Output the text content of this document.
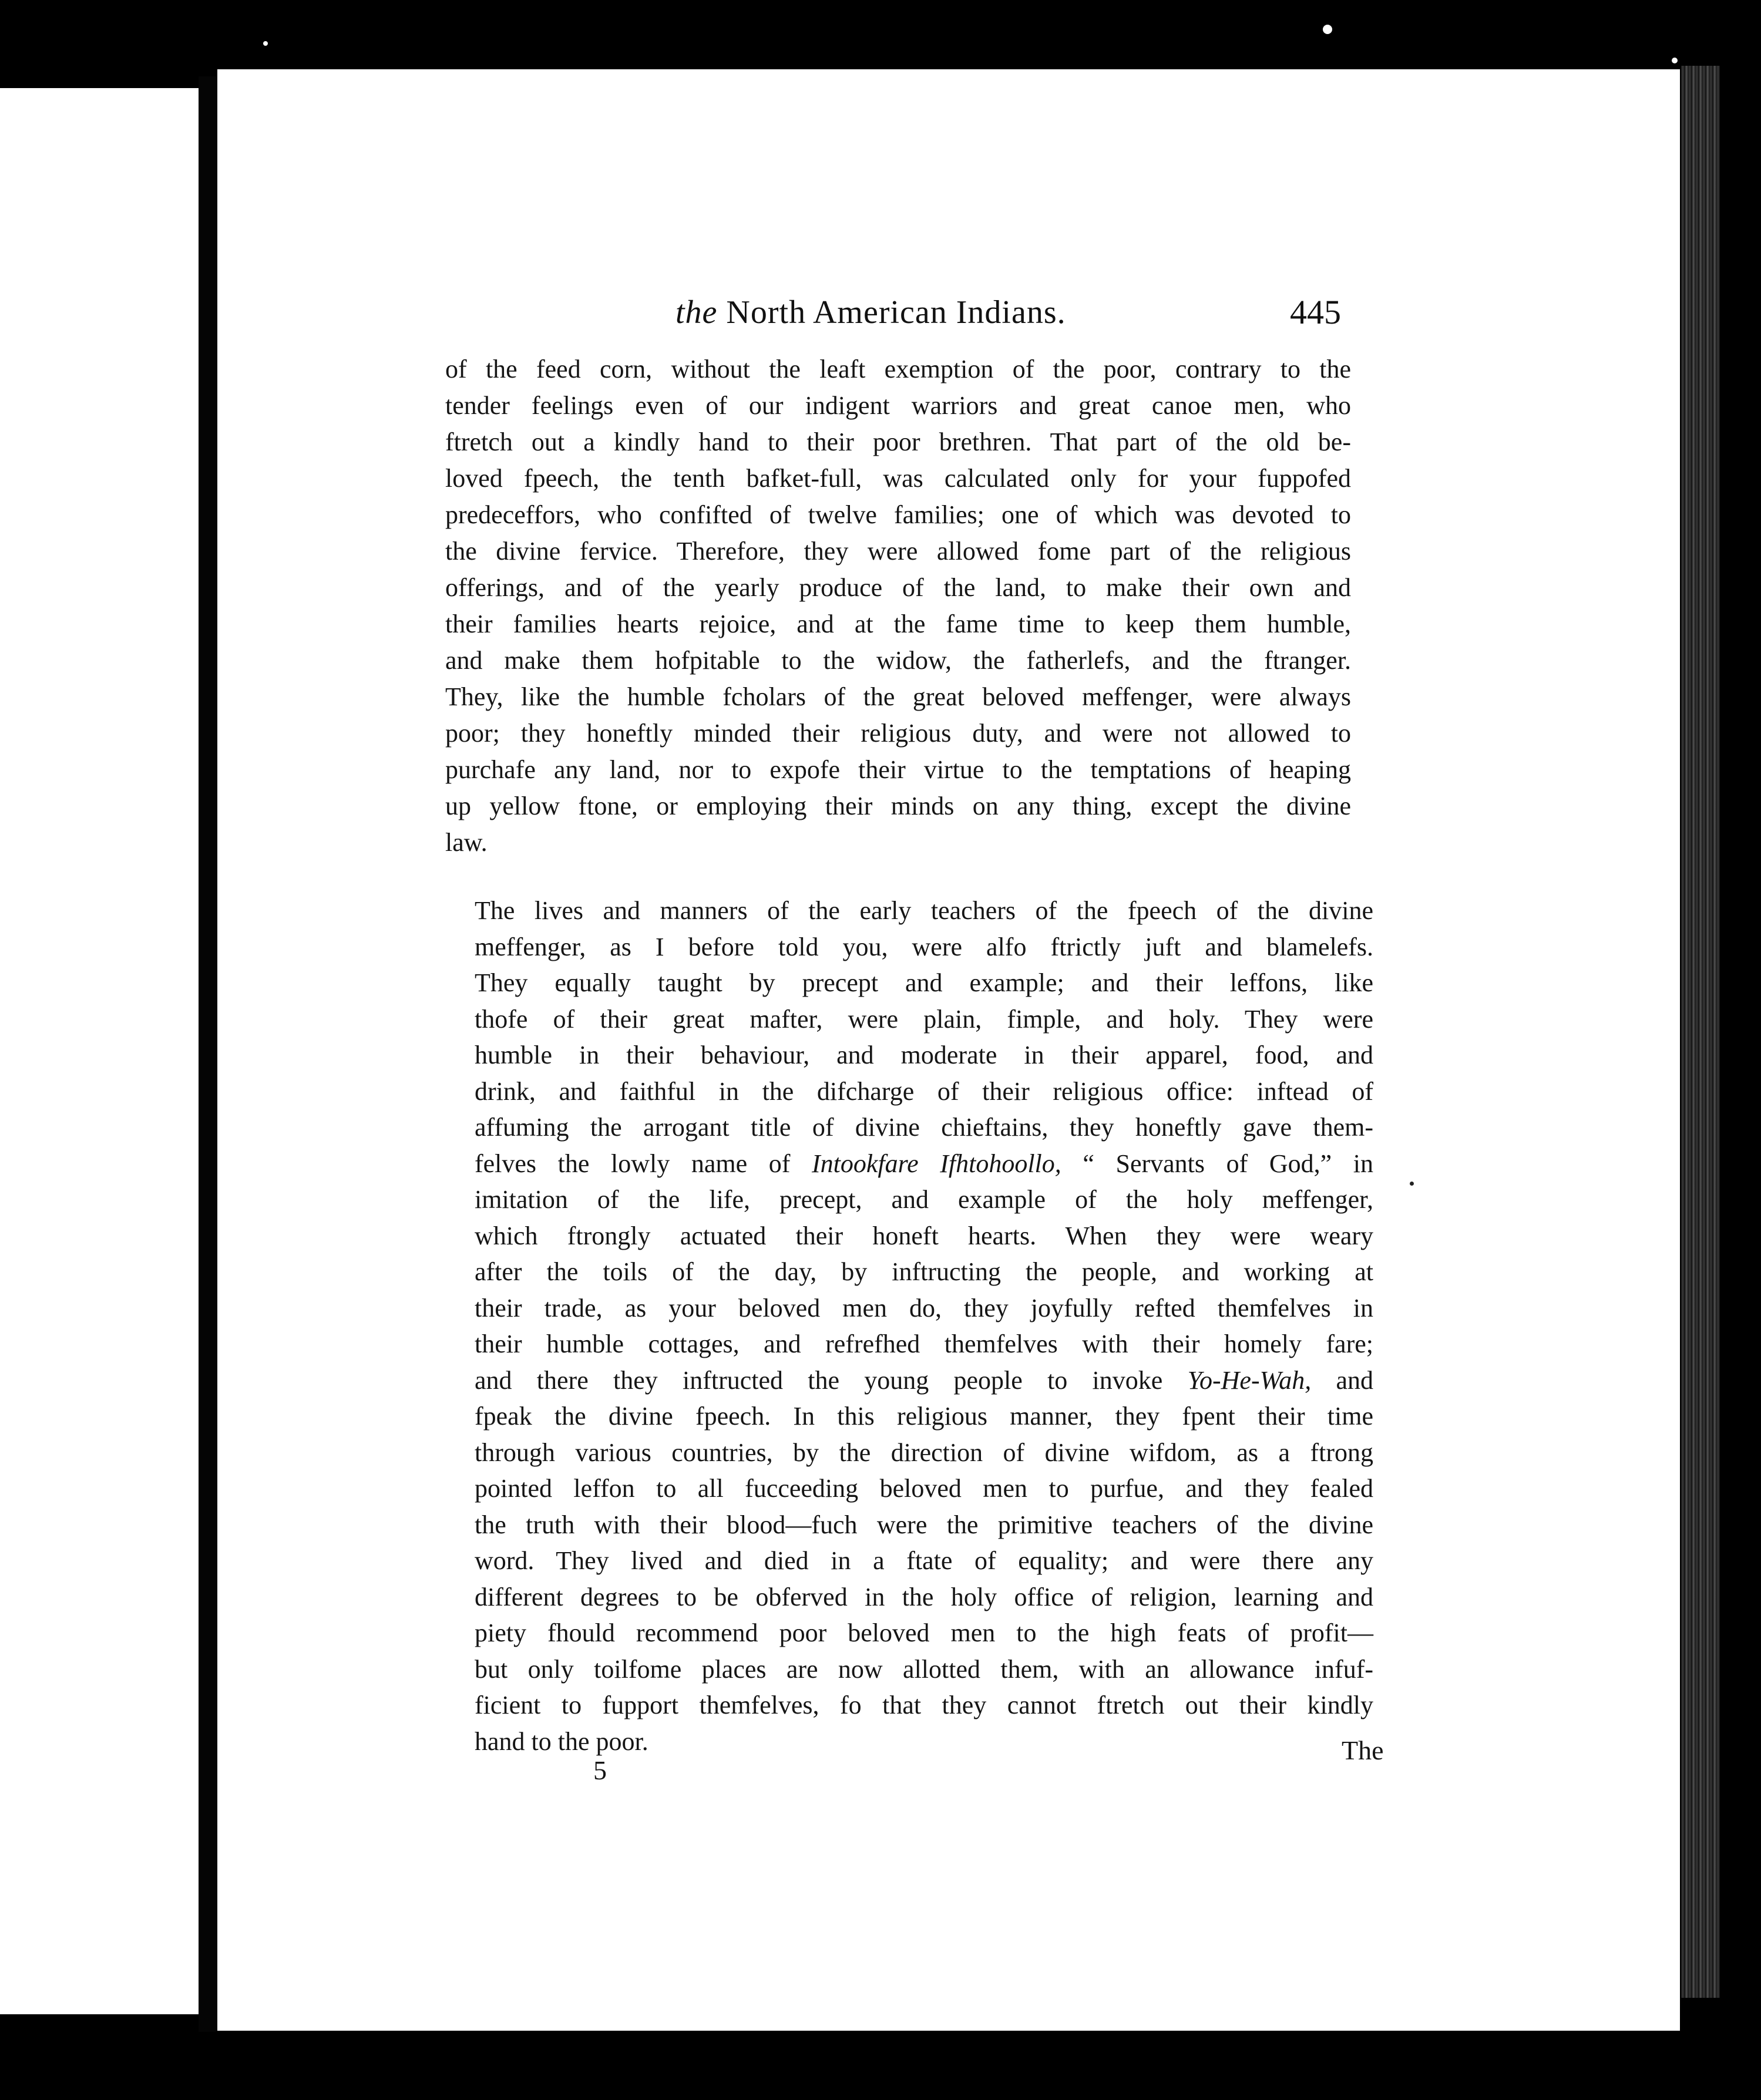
the North American Indians.	445
of the feed corn, without the leaft exemption of the poor, contrary to the
tender feelings even of our indigent warriors and great canoe men, who
ftretch out a kindly hand to their poor brethren. That part of the old be-
loved fpeech, the tenth bafket-full, was calculated only for your fuppofed
predeceffors, who confifted of twelve families; one of which was devoted to
the divine fervice. Therefore, they were allowed fome part of the religious
offerings, and of the yearly produce of the land, to make their own and
their families hearts rejoice, and at the fame time to keep them humble,
and make them hofpitable to the widow, the fatherlefs, and the ftranger.
They, like the humble fcholars of the great beloved meffenger, were always
poor; they honeftly minded their religious duty, and were not allowed to
purchafe any land, nor to expofe their virtue to the temptations of heaping
up yellow ftone, or employing their minds on any thing, except the divine
law.
The lives and manners of the early teachers of the fpeech of the divine
meffenger, as I before told you, were alfo ftrictly juft and blamelefs.
They equally taught by precept and example; and their leffons, like
thofe of their great mafter, were plain, fimple, and holy. They were
humble in their behaviour, and moderate in their apparel, food, and
drink, and faithful in the difcharge of their religious office: inftead of
affuming the arrogant title of divine chieftains, they honeftly gave them-
felves the lowly name of Intookfare Ifhtohoollo, “ Servants of God,” in
imitation of the life, precept, and example of the holy meffenger,
which ftrongly actuated their honeft hearts. When they were weary
after the toils of the day, by inftructing the people, and working at
their trade, as your beloved men do, they joyfully refted themfelves in
their humble cottages, and refrefhed themfelves with their homely fare;
and there they inftructed the young people to invoke Yo-He-Wah, and
fpeak the divine fpeech. In this religious manner, they fpent their time
through various countries, by the direction of divine wifdom, as a ftrong
pointed leffon to all fucceeding beloved men to purfue, and they fealed
the truth with their blood—fuch were the primitive teachers of the divine
word. They lived and died in a ftate of equality; and were there any
different degrees to be obferved in the holy office of religion, learning and
piety fhould recommend poor beloved men to the high feats of profit—
but only toilfome places are now allotted them, with an allowance infuf-
ficient to fupport themfelves, fo that they cannot ftretch out their kindly
hand to the poor.
5
The
